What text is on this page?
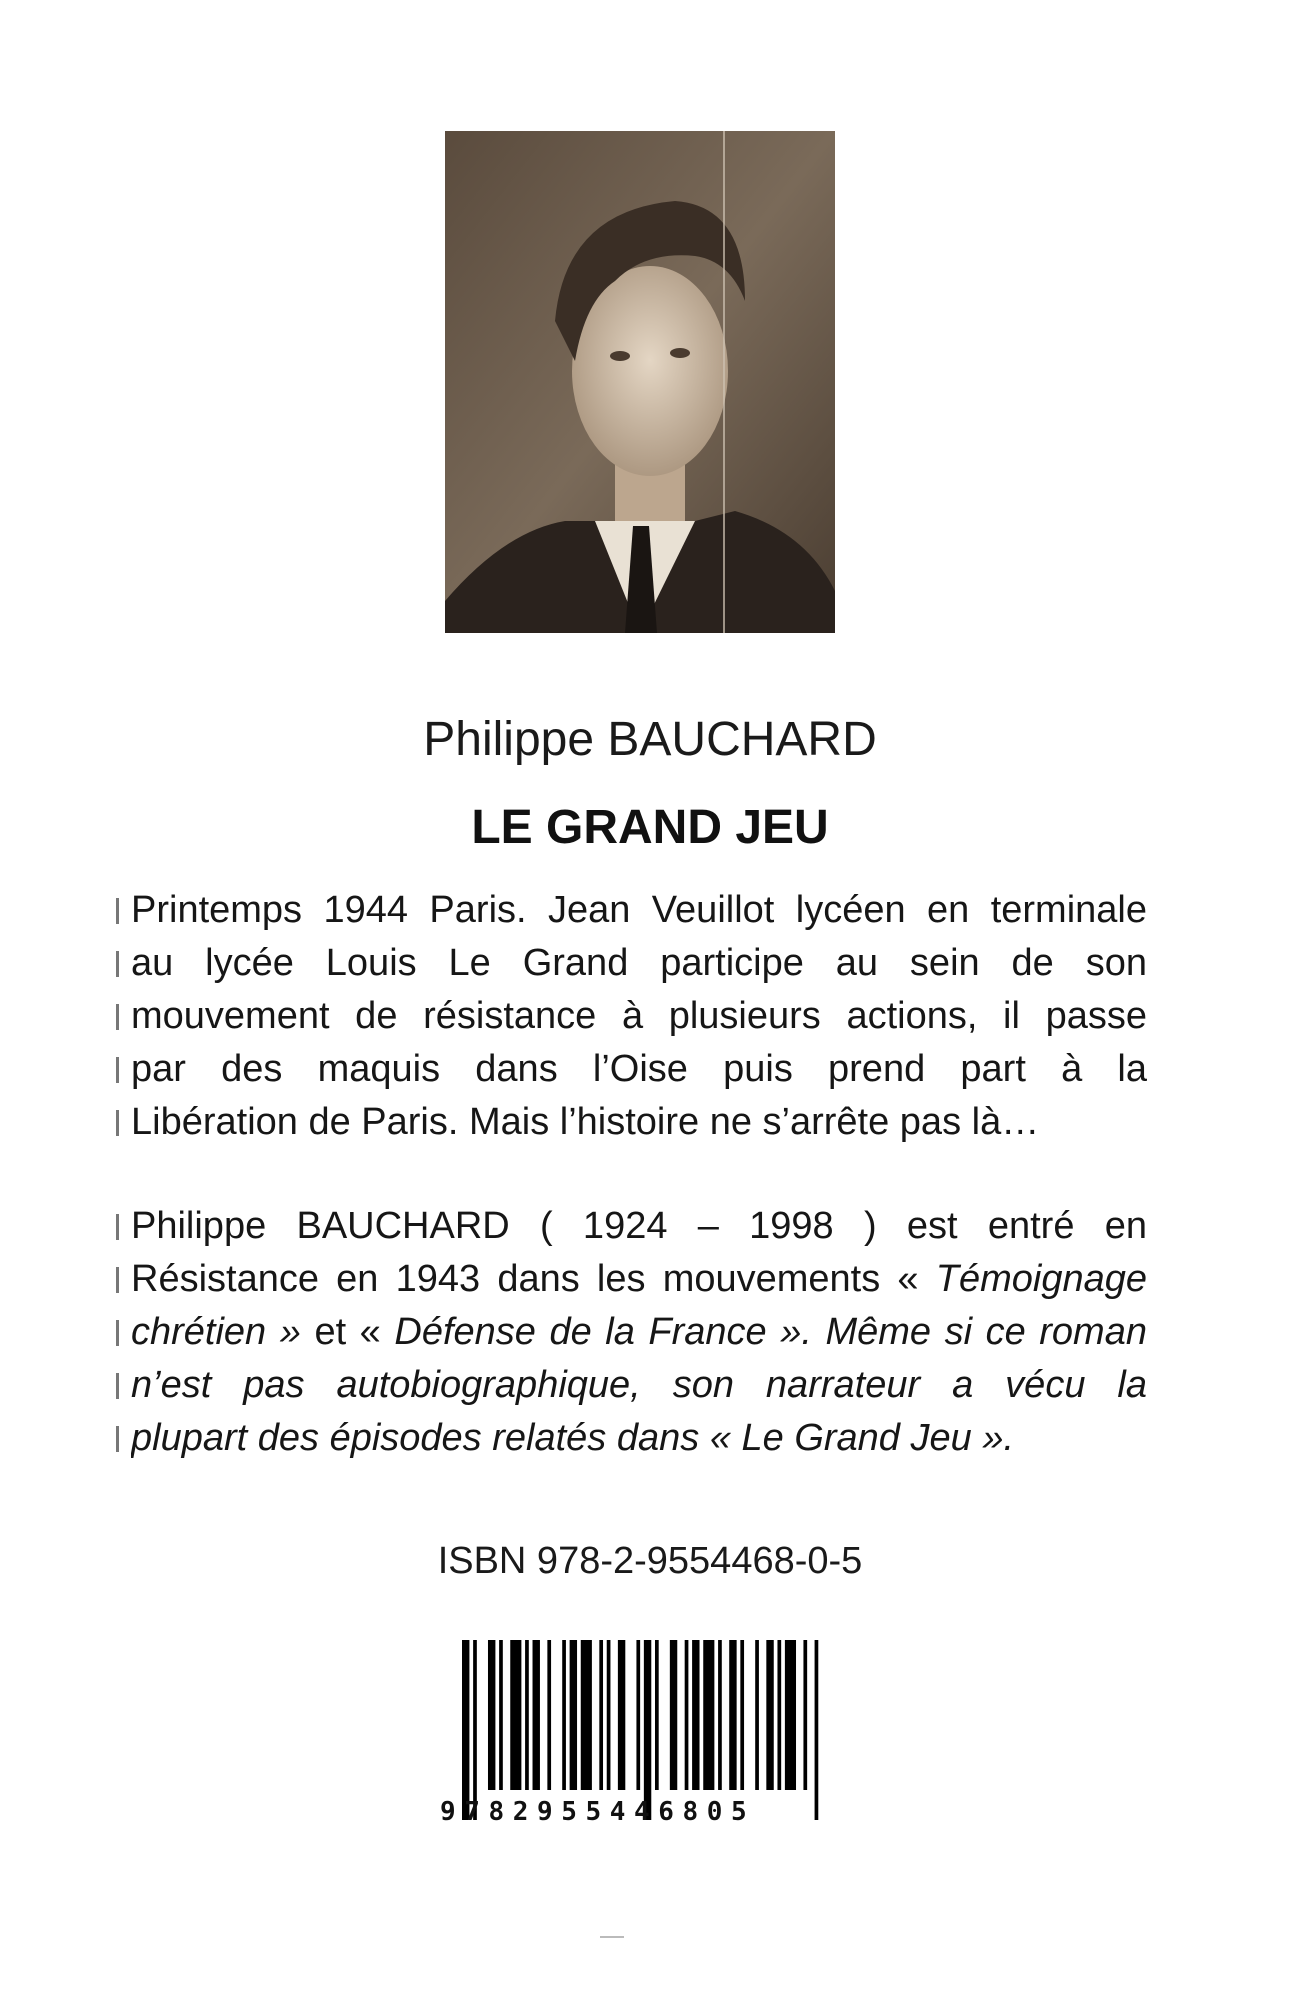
Philippe BAUCHARD
LE GRAND JEU
Printemps 1944 Paris. Jean Veuillot lycéen en terminale
au lycée Louis Le Grand participe au sein de son
mouvement de résistance à plusieurs actions, il passe
par des maquis dans l’Oise puis prend part à la
Libération de Paris. Mais l’histoire ne s’arrête pas là…
Philippe BAUCHARD ( 1924 – 1998 ) est entré en
Résistance en 1943 dans les mouvements « Témoignage
chrétien » et « Défense de la France ». Même si ce roman
n’est pas autobiographique, son narrateur a vécu la
plupart des épisodes relatés dans « Le Grand Jeu ».
ISBN 978-2-9554468-0-5
9782955446805
